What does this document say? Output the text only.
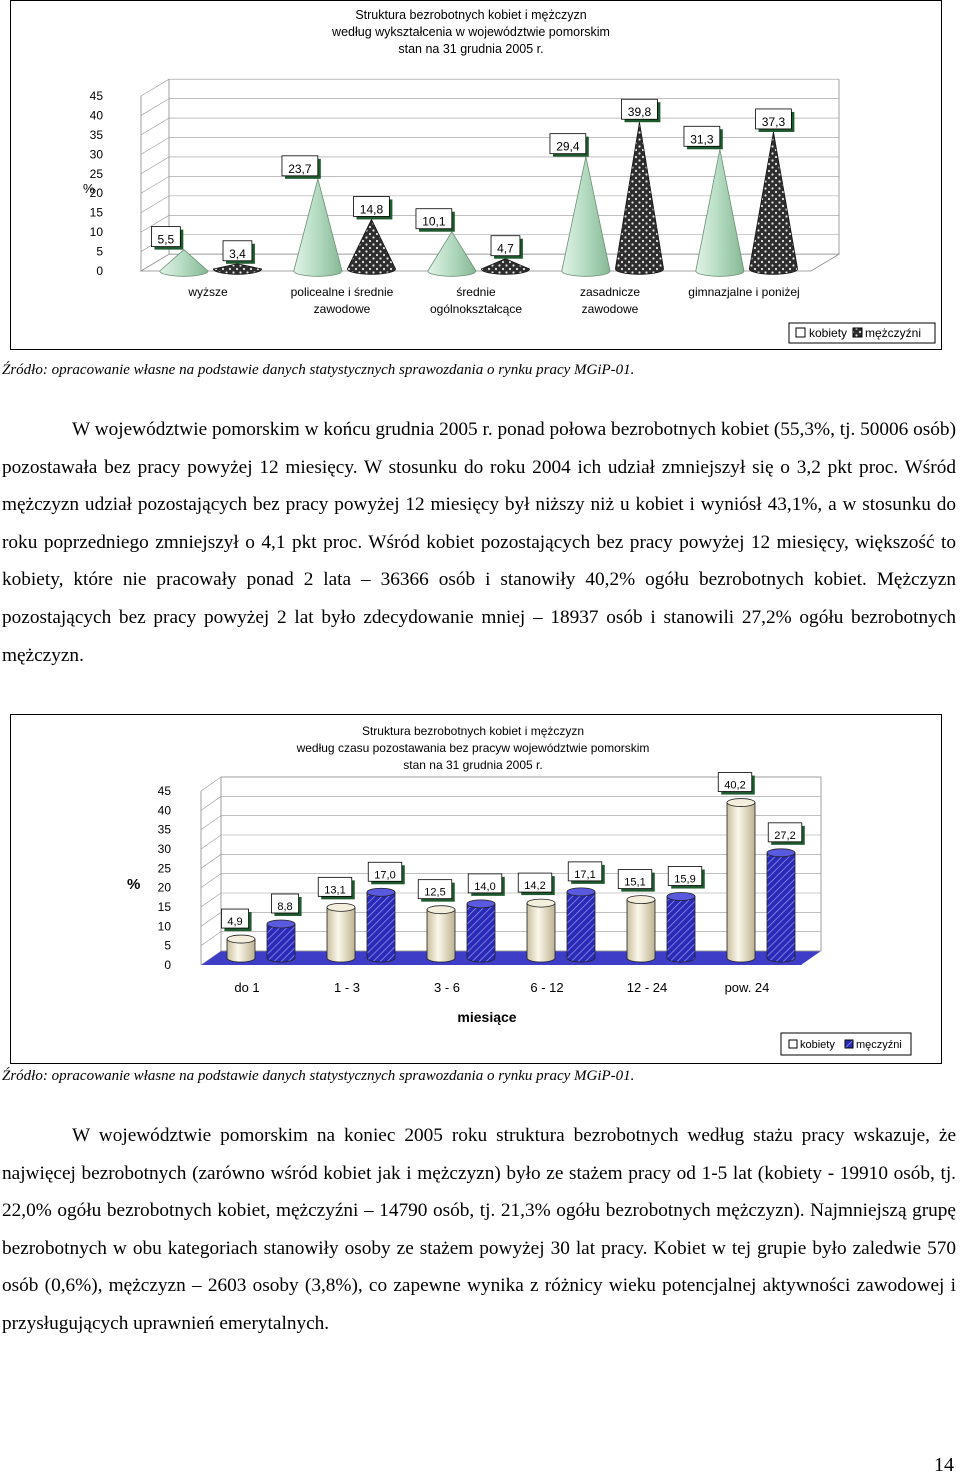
Struktura bezrobotnych kobiet i mężczyzn
według wykształcenia w województwie pomorskim
stan na 31 grudnia 2005 r.
%
0
5
10
15
20
25
30
35
40
45
5,5
3,4
23,7
14,8
10,1
4,7
29,4
39,8
31,3
37,3
wyższe	policealne i średnie
zawodowe
średnie
ogólnokształcące
zasadnicze
zawodowe
gimnazjalne i poniżej
kobiety mężczyźni
Źródło: opracowanie własne na podstawie danych statystycznych sprawozdania o rynku pracy MGiP-01.

W województwie pomorskim w końcu grudnia 2005 r. ponad połowa bezrobotnych kobiet (55,3%, tj. 50006 osób) pozostawała bez pracy powyżej 12 miesięcy. W stosunku do roku 2004 ich udział zmniejszył się o 3,2 pkt proc. Wśród mężczyzn udział pozostających bez pracy powyżej 12 miesięcy był niższy niż u kobiet i wyniósł 43,1%, a w stosunku do roku poprzedniego zmniejszył o 4,1 pkt proc. Wśród kobiet pozostających bez pracy powyżej 12 miesięcy, większość to kobiety, które nie pracowały ponad 2 lata – 36366 osób i stanowiły 40,2% ogółu bezrobotnych kobiet. Mężczyzn pozostających bez pracy powyżej 2 lat było zdecydowanie mniej – 18937 osób i stanowili 27,2% ogółu bezrobotnych mężczyzn.

Struktura bezrobotnych kobiet i mężczyzn
według czasu pozostawania bez pracyw województwie pomorskim
stan na 31 grudnia 2005 r.
%
0
5
10
15
20
25
30
35
40
45
4,9
8,8
13,1
17,0
12,5	14,0	14,2
17,1
15,1	15,9
40,2
27,2
do 1	1 - 3	3 - 6	6 - 12	12 - 24	pow. 24
miesiące
kobiety męczyźni
Źródło: opracowanie własne na podstawie danych statystycznych sprawozdania o rynku pracy MGiP-01.

W województwie pomorskim na koniec 2005 roku struktura bezrobotnych według stażu pracy wskazuje, że najwięcej bezrobotnych (zarówno wśród kobiet jak i mężczyzn) było ze stażem pracy od 1-5 lat (kobiety - 19910 osób, tj. 22,0% ogółu bezrobotnych kobiet, mężczyźni – 14790 osób, tj. 21,3% ogółu bezrobotnych mężczyzn). Najmniejszą grupę bezrobotnych w obu kategoriach stanowiły osoby ze stażem powyżej 30 lat pracy. Kobiet w tej grupie było zaledwie 570 osób (0,6%), mężczyzn – 2603 osoby (3,8%), co zapewne wynika z różnicy wieku potencjalnej aktywności zawodowej i przysługujących uprawnień emerytalnych.

14
